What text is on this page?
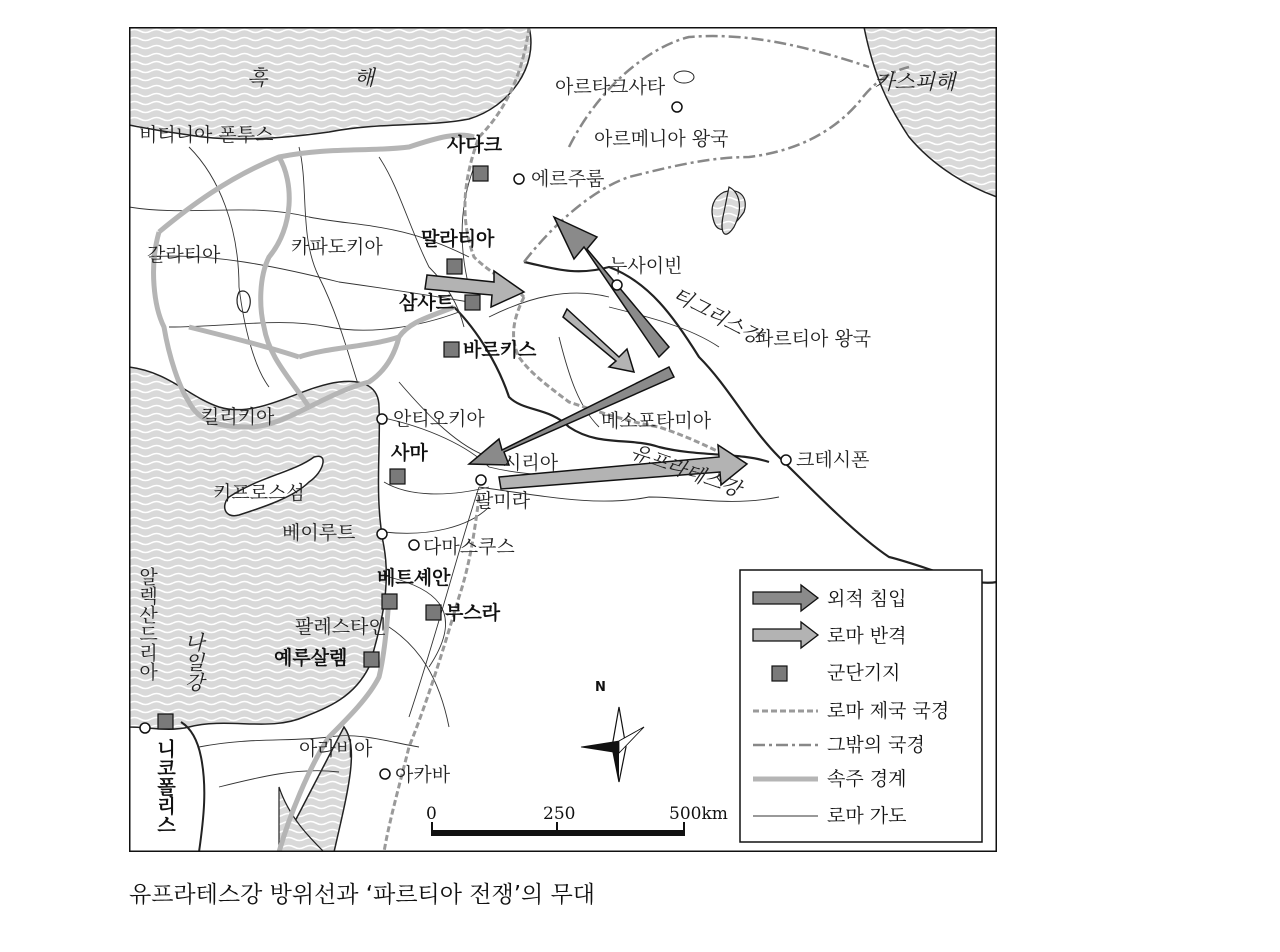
흑	해	카스피해
아르타크사타
아르메니아 왕국
비티니아 폰투스
갈라티아	카파도키아
킬리키아
키프로스섬
파르티아 왕국
메소포타미아
시리아
팔레스타인
아라비아
알렉산드리아 나일강
티그리스강
유프라테스강
사다크
말라티아
삼사트
바르키스
사마
베트셰안
부스라
예루살렘
니코폴리스
에르주룸
누사이빈
안티오키아
팔미라
베이루트
다마스쿠스
크테시폰
아카바
N
0	250	500km
외적 침입
로마 반격
군단기지
로마 제국 국경
그밖의 국경
속주 경계
로마 가도
유프라테스강 방위선과 ‘파르티아 전쟁’의 무대
